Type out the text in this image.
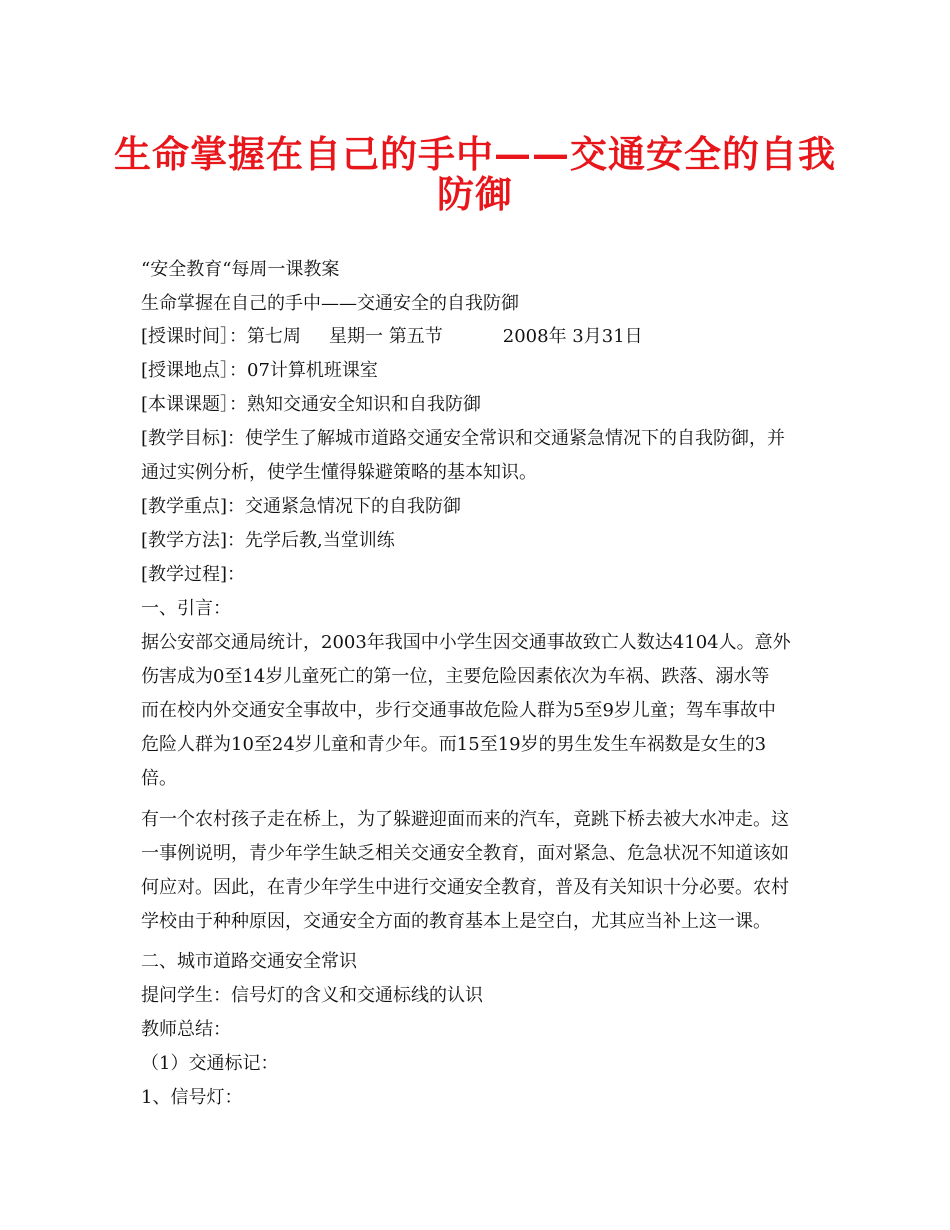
生命掌握在自己的手中——交通安全的自我
防御
“安全教育“每周一课教案
生命掌握在自己的手中——交通安全的自我防御
[授课时间］：第七周 星期一 第五节	2008年 3月31日
[授课地点］：07计算机班课室
[本课课题］：熟知交通安全知识和自我防御
[教学目标]：使学生了解城市道路交通安全常识和交通紧急情况下的自我防御，并
通过实例分析，使学生懂得躲避策略的基本知识。
[教学重点]：交通紧急情况下的自我防御
[教学方法]：先学后教,当堂训练
[教学过程]：
一、引言：
据公安部交通局统计，2003年我国中小学生因交通事故致亡人数达4104人。意外
伤害成为0至14岁儿童死亡的第一位，主要危险因素依次为车祸、跌落、溺水等
而在校内外交通安全事故中，步行交通事故危险人群为5至9岁儿童；驾车事故中
危险人群为10至24岁儿童和青少年。而15至19岁的男生发生车祸数是女生的3
倍。
有一个农村孩子走在桥上，为了躲避迎面而来的汽车，竟跳下桥去被大水冲走。这
一事例说明，青少年学生缺乏相关交通安全教育，面对紧急、危急状况不知道该如
何应对。因此，在青少年学生中进行交通安全教育，普及有关知识十分必要。农村
学校由于种种原因，交通安全方面的教育基本上是空白，尤其应当补上这一课。
二、城市道路交通安全常识
提问学生：信号灯的含义和交通标线的认识
教师总结：
（1）交通标记：
1、信号灯：
